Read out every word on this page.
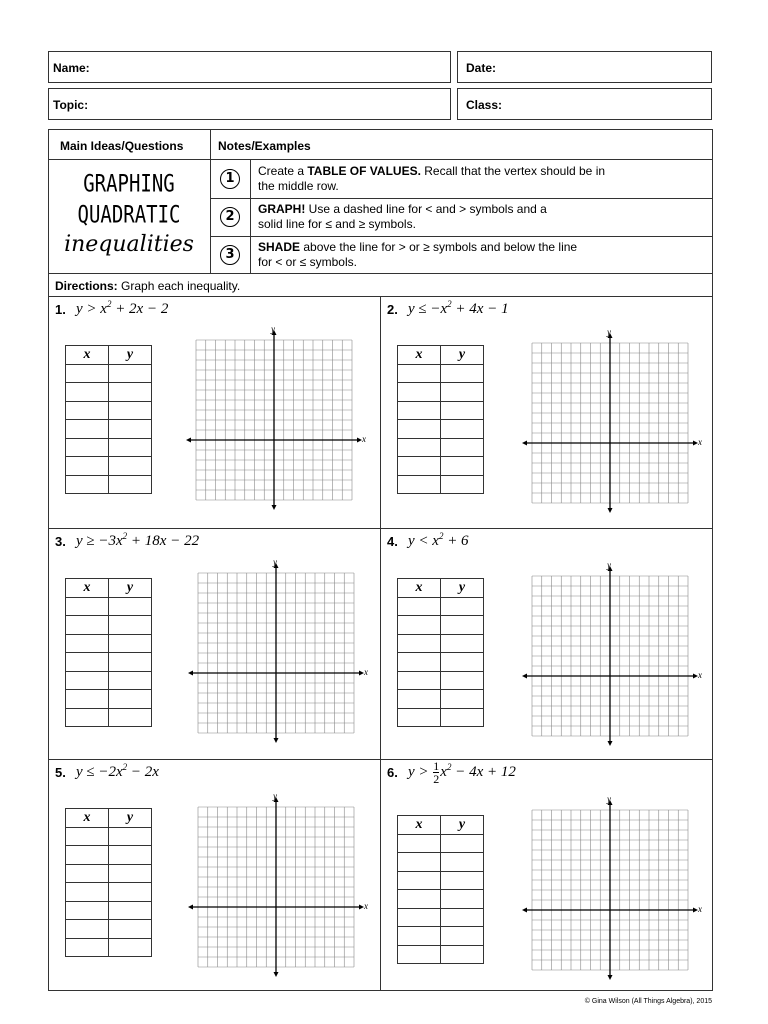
Name:	Date:
Topic:	Class:
Main Ideas/Questions	Notes/Examples
GRAPHING
QUADRATIC
inequalities
1	Create a TABLE OF VALUES. Recall that the vertex should be in
the middle row.
2	GRAPH! Use a dashed line for < and > symbols and a
solid line for ≤ and ≥ symbols.
3	SHADE above the line for > or ≥ symbols and below the line
for < or ≤ symbols.
Directions: Graph each inequality.
1. $y > x^2 + 2x - 2$
x	y

x
y
2. $y \le -x^2 + 4x - 1$
x	y

x
y
3. $y \ge -3x^2 + 18x - 22$
x	y

x
y
4. $y < x^2 + 6$
x	y

x
y
5. $y \le -2x^2 - 2x$
x	y

x
y
6. $y > \frac{1}{2} x^2 - 4x + 12$
x	y

x
y
© Gina Wilson (All Things Algebra), 2015
